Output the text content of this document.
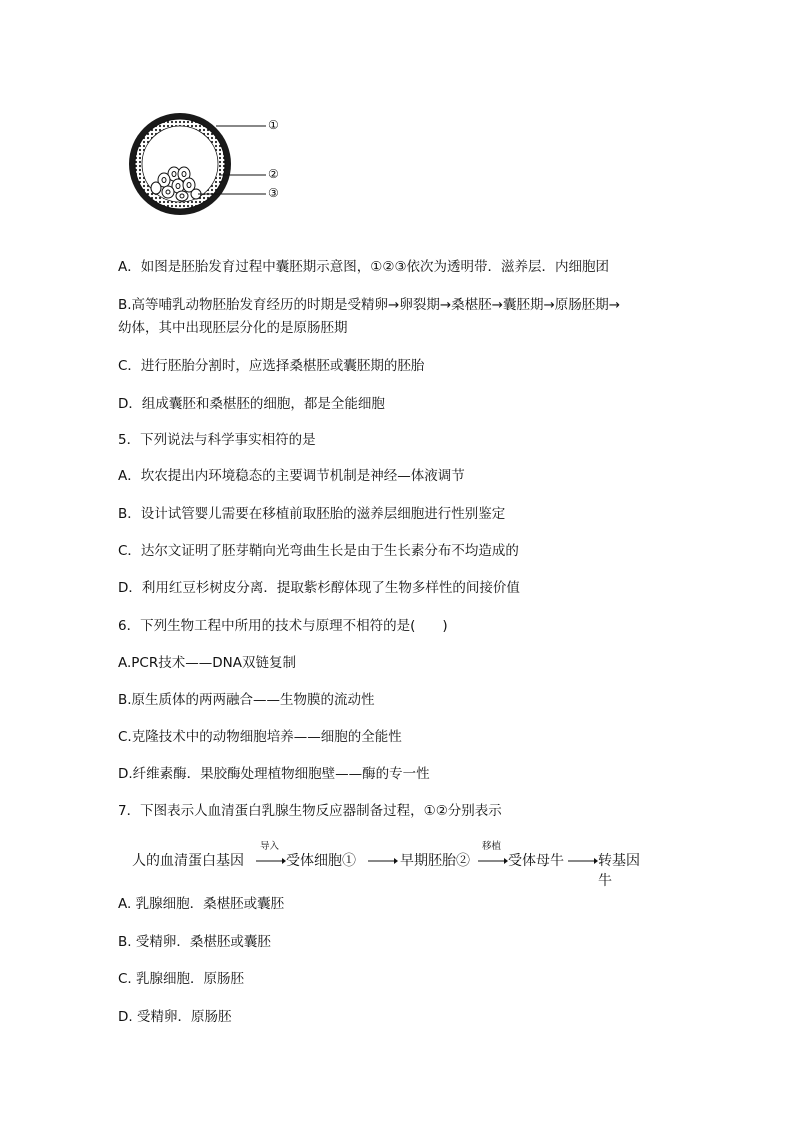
①
②
③
A．如图是胚胎发育过程中囊胚期示意图，①②③依次为透明带．滋养层．内细胞团
B.高等哺乳动物胚胎发育经历的时期是受精卵→卵裂期→桑椹胚→囊胚期→原肠胚期→
幼体，其中出现胚层分化的是原肠胚期
C．进行胚胎分割时，应选择桑椹胚或囊胚期的胚胎
D．组成囊胚和桑椹胚的细胞，都是全能细胞
5．下列说法与科学事实相符的是
A．坎农提出内环境稳态的主要调节机制是神经—体液调节
B．设计试管婴儿需要在移植前取胚胎的滋养层细胞进行性别鉴定
C．达尔文证明了胚芽鞘向光弯曲生长是由于生长素分布不均造成的
D．利用红豆杉树皮分离．提取紫杉醇体现了生物多样性的间接价值
6．下列生物工程中所用的技术与原理不相符的是(　　)
A.PCR技术——DNA双链复制
B.原生质体的两两融合——生物膜的流动性
C.克隆技术中的动物细胞培养——细胞的全能性
D.纤维素酶．果胶酶处理植物细胞壁——酶的专一性
7．下图表示人血清蛋白乳腺生物反应器制备过程，①②分别表示
人的血清蛋白基因
导入
受体细胞①	早期胚胎②
移植
受体母牛 转基因牛
A. 乳腺细胞．桑椹胚或囊胚
B. 受精卵．桑椹胚或囊胚
C. 乳腺细胞．原肠胚
D. 受精卵．原肠胚
